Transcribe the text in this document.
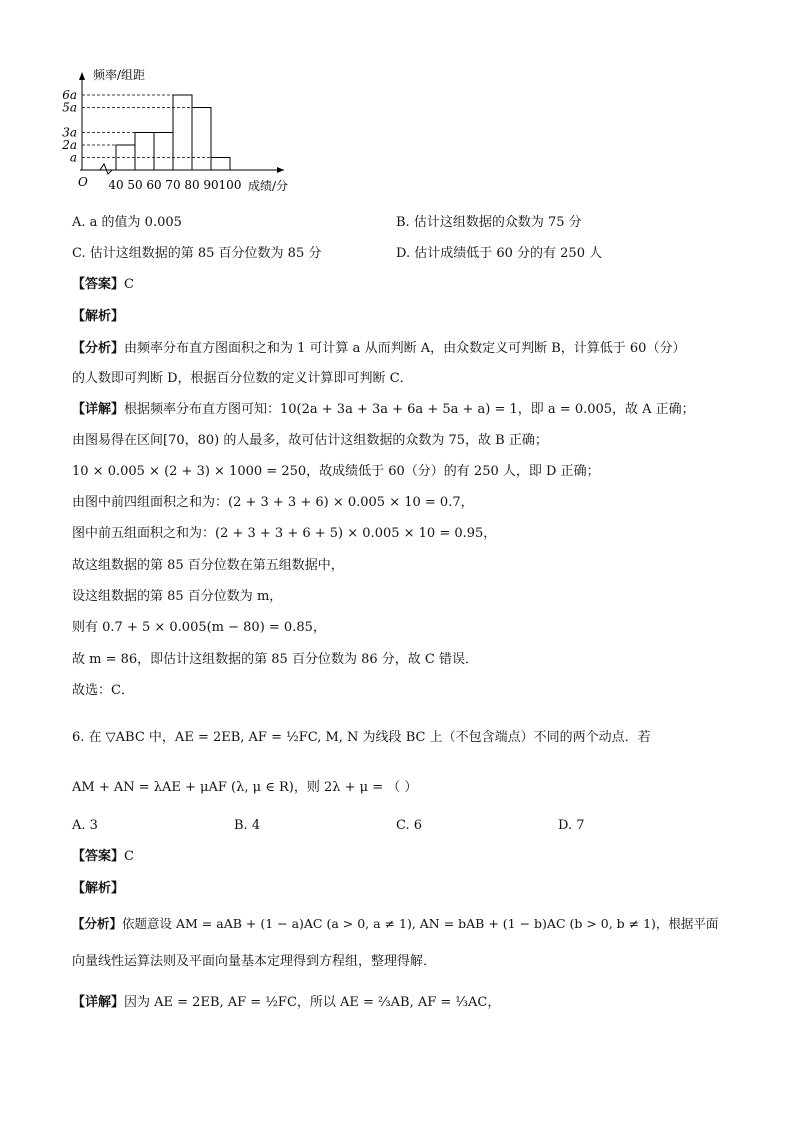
频率/组距
成绩/分
O
a
2a
3a
5a
6a
40 50 60 70 80 90 100
A. a 的值为 0.005	B. 估计这组数据的众数为 75 分
C. 估计这组数据的第 85 百分位数为 85 分	D. 估计成绩低于 60 分的有 250 人
【答案】C
【解析】
【分析】由频率分布直方图面积之和为 1 可计算 a 从而判断 A，由众数定义可判断 B，计算低于 60（分）
的人数即可判断 D，根据百分位数的定义计算即可判断 C．
【详解】根据频率分布直方图可知：10(2a + 3a + 3a + 6a + 5a + a) = 1，即 a = 0.005，故 A 正确；
由图易得在区间[70，80) 的人最多，故可估计这组数据的众数为 75，故 B 正确；
10 × 0.005 × (2 + 3) × 1000 = 250，故成绩低于 60（分）的有 250 人，即 D 正确；
由图中前四组面积之和为：(2 + 3 + 3 + 6) × 0.005 × 10 = 0.7，
图中前五组面积之和为：(2 + 3 + 3 + 6 + 5) × 0.005 × 10 = 0.95，
故这组数据的第 85 百分位数在第五组数据中，
设这组数据的第 85 百分位数为 m，
则有 0.7 + 5 × 0.005(m − 80) = 0.85，
故 m = 86，即估计这组数据的第 85 百分位数为 86 分，故 C 错误．
故选：C．
6. 在 ▽ABC 中，AE = 2EB, AF = ½FC, M, N 为线段 BC 上（不包含端点）不同的两个动点．若
AM + AN = λAE + μAF (λ, μ ∈ R)，则 2λ + μ = （ ）
A. 3	B. 4	C. 6	D. 7
【答案】C
【解析】
【分析】依题意设 AM = aAB + (1 − a)AC (a > 0, a ≠ 1), AN = bAB + (1 − b)AC (b > 0, b ≠ 1)，根据平面
向量线性运算法则及平面向量基本定理得到方程组，整理得解．
【详解】因为 AE = 2EB, AF = ½FC，所以 AE = ⅔AB, AF = ⅓AC，
